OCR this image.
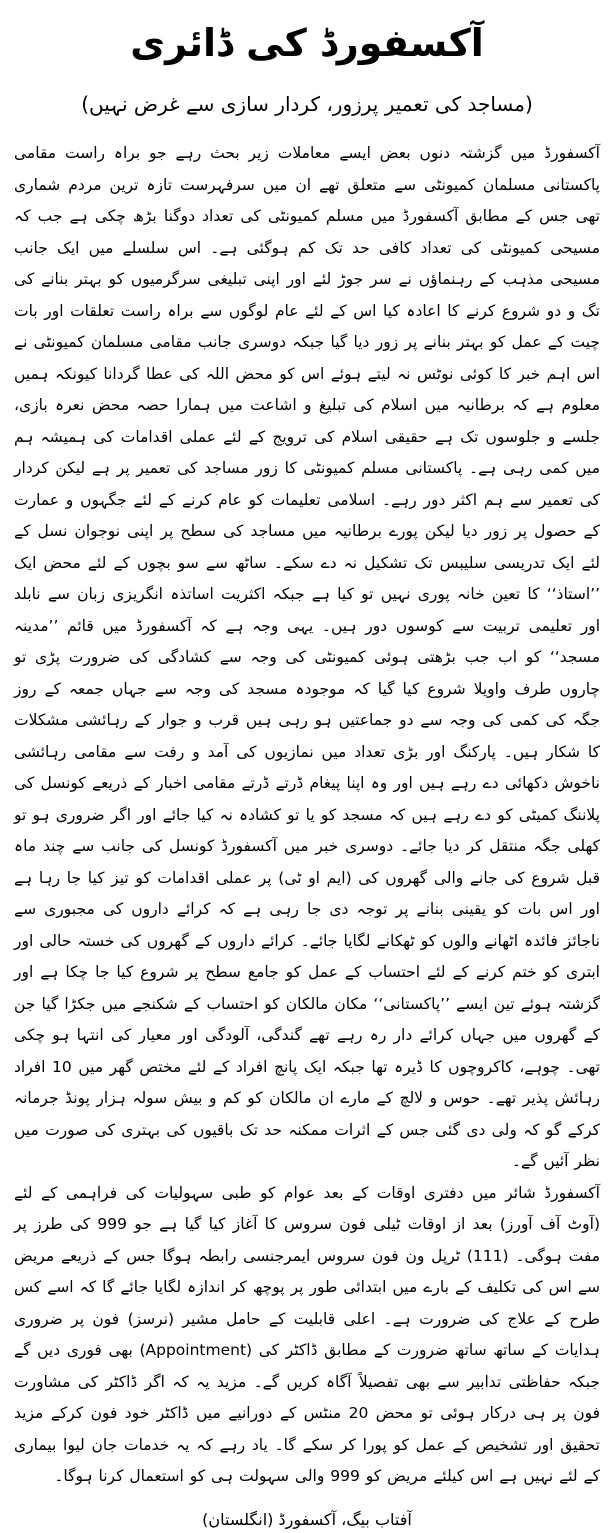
آکسفورڈ کی ڈائری
(مساجد کی تعمیر پرزور، کردار سازی سے غرض نہیں)

آکسفورڈ میں گزشتہ دنوں بعض ایسے معاملات زیر بحث رہے جو براہ راست مقامی پاکستانی مسلمان کمیونٹی سے متعلق تھے ان میں سرفہرست تازہ ترین مردم شماری تھی جس کے مطابق آکسفورڈ میں مسلم کمیونٹی کی تعداد دوگنا بڑھ چکی ہے جب کہ مسیحی کمیونٹی کی تعداد کافی حد تک کم ہوگئی ہے۔ اس سلسلے میں ایک جانب مسیحی مذہب کے رہنماؤں نے سر جوڑ لئے اور اپنی تبلیغی سرگرمیوں کو بہتر بنانے کی تگ و دو شروع کرنے کا اعادہ کیا اس کے لئے عام لوگوں سے براہ راست تعلقات اور بات چیت کے عمل کو بہتر بنانے پر زور دیا گیا جبکہ دوسری جانب مقامی مسلمان کمیونٹی نے اس اہم خبر کا کوئی نوٹس نہ لیتے ہوئے اس کو محض اللہ کی عطا گردانا کیونکہ ہمیں معلوم ہے کہ برطانیہ میں اسلام کی تبلیغ و اشاعت میں ہمارا حصہ محض نعرہ بازی، جلسے و جلوسوں تک ہے حقیقی اسلام کی ترویج کے لئے عملی اقدامات کی ہمیشہ ہم میں کمی رہی ہے۔ پاکستانی مسلم کمیونٹی کا زور مساجد کی تعمیر پر ہے لیکن کردار کی تعمیر سے ہم اکثر دور رہے۔ اسلامی تعلیمات کو عام کرنے کے لئے جگہوں و عمارت کے حصول پر زور دیا لیکن پورے برطانیہ میں مساجد کی سطح پر اپنی نوجوان نسل کے لئے ایک تدریسی سلیبس تک تشکیل نہ دے سکے۔ ساٹھ سے سو بچوں کے لئے محض ایک ’’استاذ‘‘ کا تعین خانہ پوری نہیں تو کیا ہے جبکہ اکثریت اساتذہ انگریزی زبان سے نابلد اور تعلیمی تربیت سے کوسوں دور ہیں۔ یہی وجہ ہے کہ آکسفورڈ میں قائم ’’مدینہ مسجد‘‘ کو اب جب بڑھتی ہوئی کمیونٹی کی وجہ سے کشادگی کی ضرورت پڑی تو چاروں طرف واویلا شروع کیا گیا کہ موجودہ مسجد کی وجہ سے جہاں جمعہ کے روز جگہ کی کمی کی وجہ سے دو جماعتیں ہو رہی ہیں قرب و جوار کے رہائشی مشکلات کا شکار ہیں۔ پارکنگ اور بڑی تعداد میں نمازیوں کی آمد و رفت سے مقامی رہائشی ناخوش دکھائی دے رہے ہیں اور وہ اپنا پیغام ڈرتے ڈرتے مقامی اخبار کے ذریعے کونسل کی پلاننگ کمیٹی کو دے رہے ہیں کہ مسجد کو یا تو کشادہ نہ کیا جائے اور اگر ضروری ہو تو کھلی جگہ منتقل کر دیا جائے۔ دوسری خبر میں آکسفورڈ کونسل کی جانب سے چند ماہ قبل شروع کی جانے والی گھروں کی (ایم او ٹی) پر عملی اقدامات کو تیز کیا جا رہا ہے اور اس بات کو یقینی بنانے پر توجہ دی جا رہی ہے کہ کرائے داروں کی مجبوری سے ناجائز فائدہ اٹھانے والوں کو ٹھکانے لگایا جائے۔ کرائے داروں کے گھروں کی خستہ حالی اور ابتری کو ختم کرنے کے لئے احتساب کے عمل کو جامع سطح پر شروع کیا جا چکا ہے اور گزشتہ ہوئے تین ایسے ’’پاکستانی‘‘ مکان مالکان کو احتساب کے شکنجے میں جکڑا گیا جن کے گھروں میں جہاں کرائے دار رہ رہے تھے گندگی، آلودگی اور معیار کی انتہا ہو چکی تھی۔ چوہے، کاکروچوں کا ڈیرہ تھا جبکہ ایک پانچ افراد کے لئے مختص گھر میں 10 افراد رہائش پذیر تھے۔ حوس و لالچ کے مارے ان مالکان کو کم و بیش سولہ ہزار پونڈ جرمانہ کرکے گو کہ ولی دی گئی جس کے اثرات ممکنہ حد تک باقیوں کی بہتری کی صورت میں نظر آئیں گے۔

آکسفورڈ شائر میں دفتری اوقات کے بعد عوام کو طبی سہولیات کی فراہمی کے لئے (آوٹ آف آورز) بعد از اوقات ٹیلی فون سروس کا آغاز کیا گیا ہے جو 999 کی طرز پر مفت ہوگی۔ (111) ٹرپل ون فون سروس ایمرجنسی رابطہ ہوگا جس کے ذریعے مریض سے اس کی تکلیف کے بارے میں ابتدائی طور پر پوچھ کر اندازہ لگایا جائے گا کہ اسے کس طرح کے علاج کی ضرورت ہے۔ اعلی قابلیت کے حامل مشیر (نرسز) فون پر ضروری ہدایات کے ساتھ ساتھ ضرورت کے مطابق ڈاکٹر کی (Appointment) بھی فوری دیں گے جبکہ حفاظتی تدابیر سے بھی تفصیلاً آگاہ کریں گے۔ مزید یہ کہ اگر ڈاکٹر کی مشاورت فون پر ہی درکار ہوئی تو محض 20 منٹس کے دورانیے میں ڈاکٹر خود فون کرکے مزید تحقیق اور تشخیص کے عمل کو پورا کر سکے گا۔ یاد رہے کہ یہ خدمات جان لیوا بیماری کے لئے نہیں ہے اس کیلئے مریض کو 999 والی سہولت ہی کو استعمال کرنا ہوگا۔

آفتاب بیگ، آکسفورڈ (انگلستان)
